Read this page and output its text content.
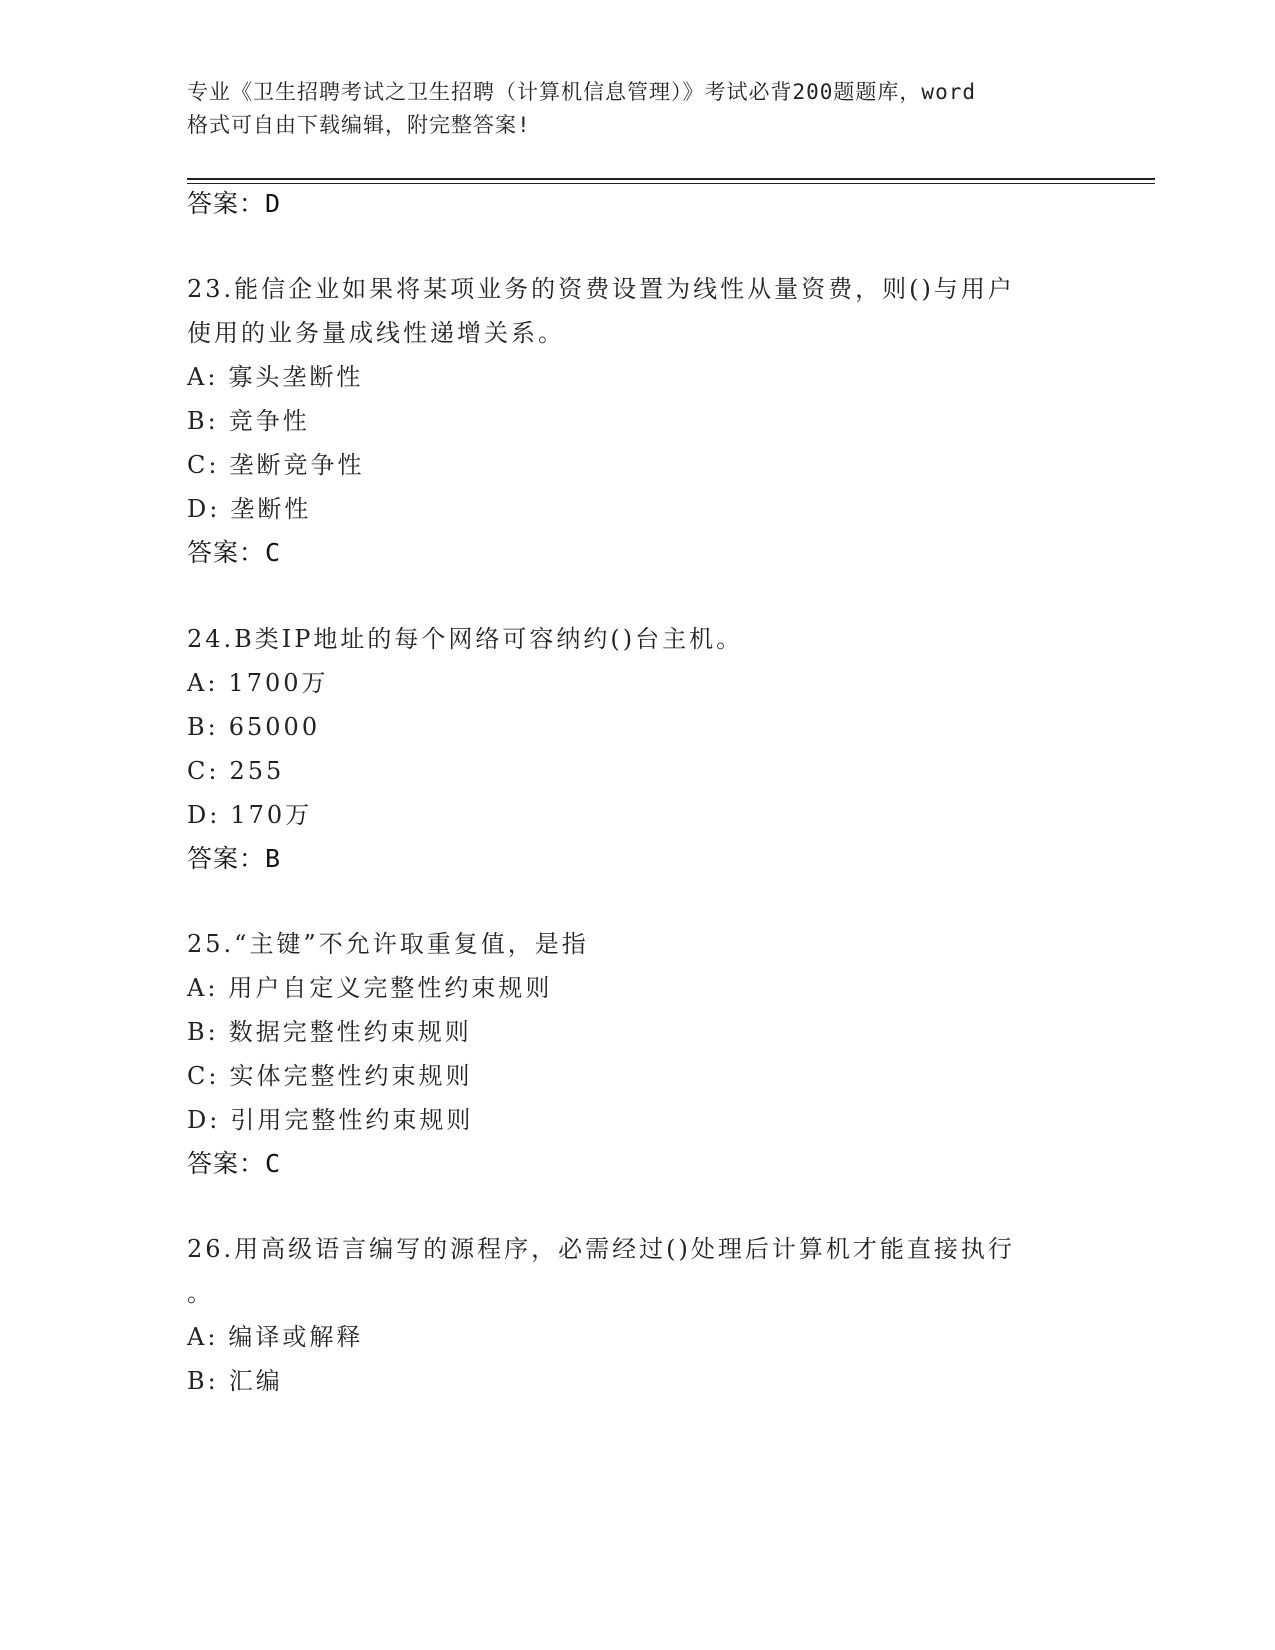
专业《卫生招聘考试之卫生招聘（计算机信息管理）》考试必背200题题库，word
格式可自由下载编辑，附完整答案!
答案：D
23.能信企业如果将某项业务的资费设置为线性从量资费，则()与用户
使用的业务量成线性递增关系。
A: 寡头垄断性
B: 竞争性
C: 垄断竞争性
D: 垄断性
答案：C
24.B类IP地址的每个网络可容纳约()台主机。
A: 1700万
B: 65000
C: 255
D: 170万
答案：B
25.“主键”不允许取重复值，是指
A: 用户自定义完整性约束规则
B: 数据完整性约束规则
C: 实体完整性约束规则
D: 引用完整性约束规则
答案：C
26.用高级语言编写的源程序，必需经过()处理后计算机才能直接执行
。
A: 编译或解释
B: 汇编
